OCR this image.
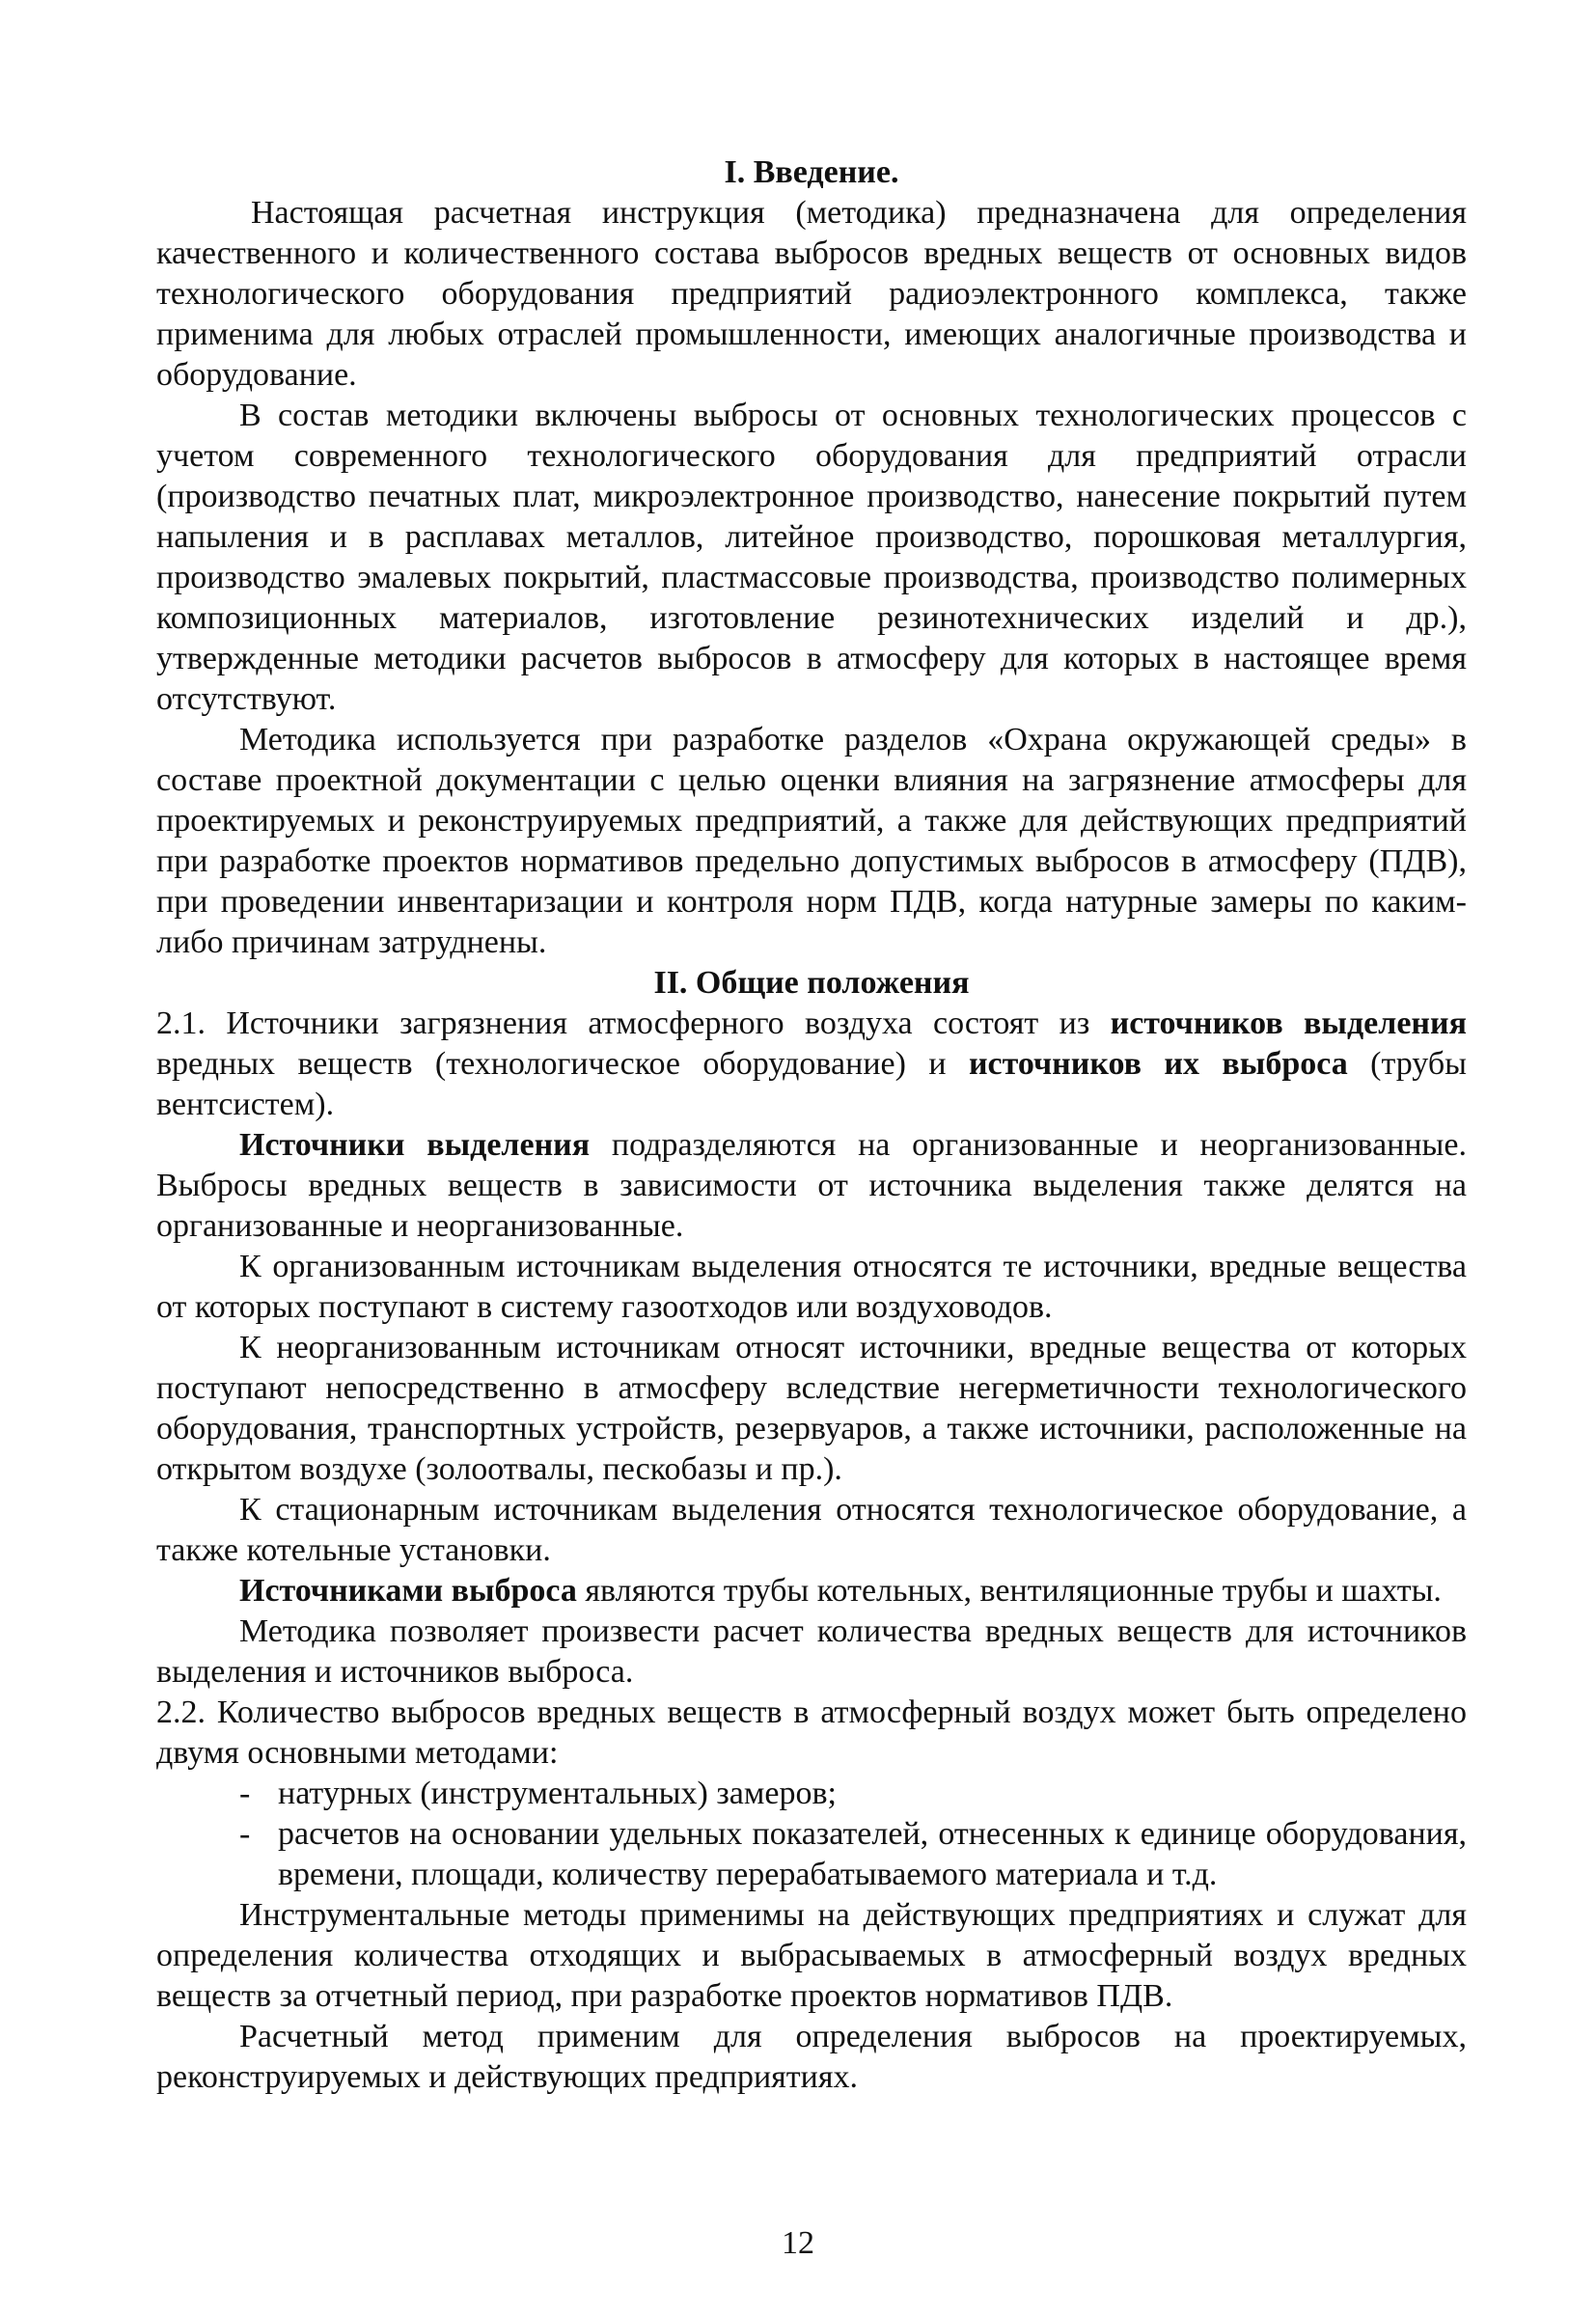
I. Введение.

Настоящая расчетная инструкция (методика) предназначена для определения качественного и количественного состава выбросов вредных веществ от основных видов технологического оборудования предприятий радиоэлектронного комплекса, также применима для любых отраслей промышленности, имеющих аналогичные производства и оборудование.

В состав методики включены выбросы от основных технологических процессов с учетом современного технологического оборудования для предприятий отрасли (производство печатных плат, микроэлектронное производство, нанесение покрытий путем напыления и в расплавах металлов, литейное производство, порошковая металлургия, производство эмалевых покрытий, пластмассовые производства, производство полимерных композиционных материалов, изготовление резинотехнических изделий и др.), утвержденные методики расчетов выбросов в атмосферу для которых в настоящее время отсутствуют.

Методика используется при разработке разделов «Охрана окружающей среды» в составе проектной документации с целью оценки влияния на загрязнение атмосферы для проектируемых и реконструируемых предприятий, а также для действующих предприятий при разработке проектов нормативов предельно допустимых выбросов в атмосферу (ПДВ), при проведении инвентаризации и контроля норм ПДВ, когда натурные замеры по каким- либо причинам затруднены.

II. Общие положения

2.1. Источники загрязнения атмосферного воздуха состоят из источников выделения вредных веществ (технологическое оборудование) и источников их выброса (трубы вентсистем).

Источники выделения подразделяются на организованные и неорганизованные. Выбросы вредных веществ в зависимости от источника выделения также делятся на организованные и неорганизованные.

К организованным источникам выделения относятся те источники, вредные вещества от которых поступают в систему газоотходов или воздуховодов.

К неорганизованным источникам относят источники, вредные вещества от которых поступают непосредственно в атмосферу вследствие негерметичности технологического оборудования, транспортных устройств, резервуаров, а также источники, расположенные на открытом воздухе (золоотвалы, пескобазы и пр.).

К стационарным источникам выделения относятся технологическое оборудование, а также котельные установки.

Источниками выброса являются трубы котельных, вентиляционные трубы и шахты.

Методика позволяет произвести расчет количества вредных веществ для источников выделения и источников выброса.

2.2. Количество выбросов вредных веществ в атмосферный воздух может быть определено двумя основными методами:

- натурных (инструментальных) замеров;
- расчетов на основании удельных показателей, отнесенных к единице оборудования, времени, площади, количеству перерабатываемого материала и т.д.

Инструментальные методы применимы на действующих предприятиях и служат для определения количества отходящих и выбрасываемых в атмосферный воздух вредных веществ за отчетный период, при разработке проектов нормативов ПДВ.

Расчетный метод применим для определения выбросов на проектируемых, реконструируемых и действующих предприятиях.

12
